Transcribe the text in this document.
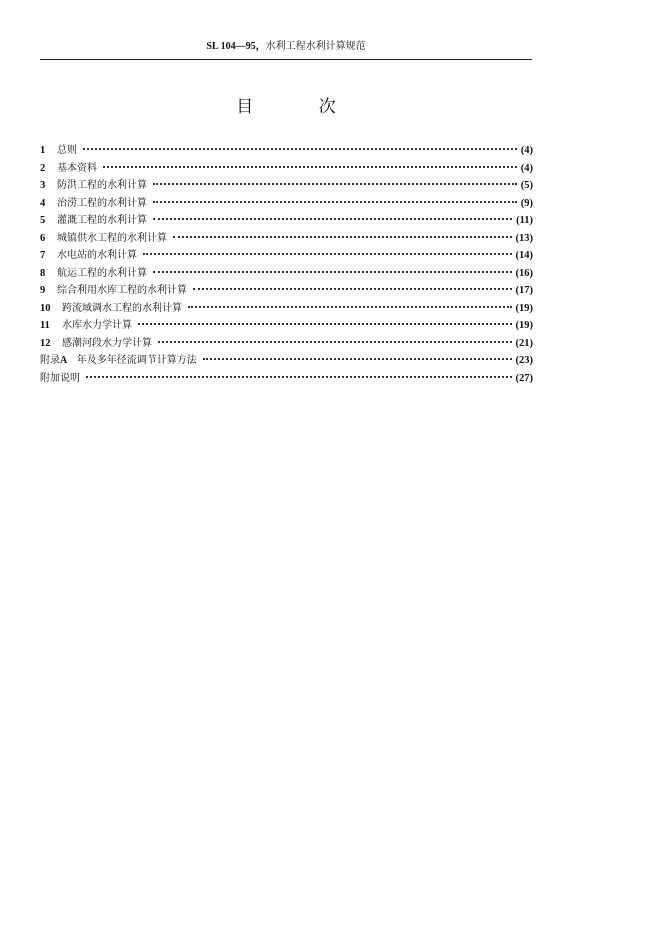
SL 104—95，水利工程水利计算规范
目 次
1	总则	(4)
2	基本资料	(4)
3	防洪工程的水利计算	(5)
4	治涝工程的水利计算	(9)
5	灌溉工程的水利计算	(11)
6	城镇供水工程的水利计算	(13)
7	水电站的水利计算	(14)
8	航运工程的水利计算	(16)
9	综合利用水库工程的水利计算	(17)
10	跨流域调水工程的水利计算	(19)
11	水库水力学计算	(19)
12	感潮河段水力学计算	(21)
附录A 年及多年径流调节计算方法	(23)
附加说明	(27)
